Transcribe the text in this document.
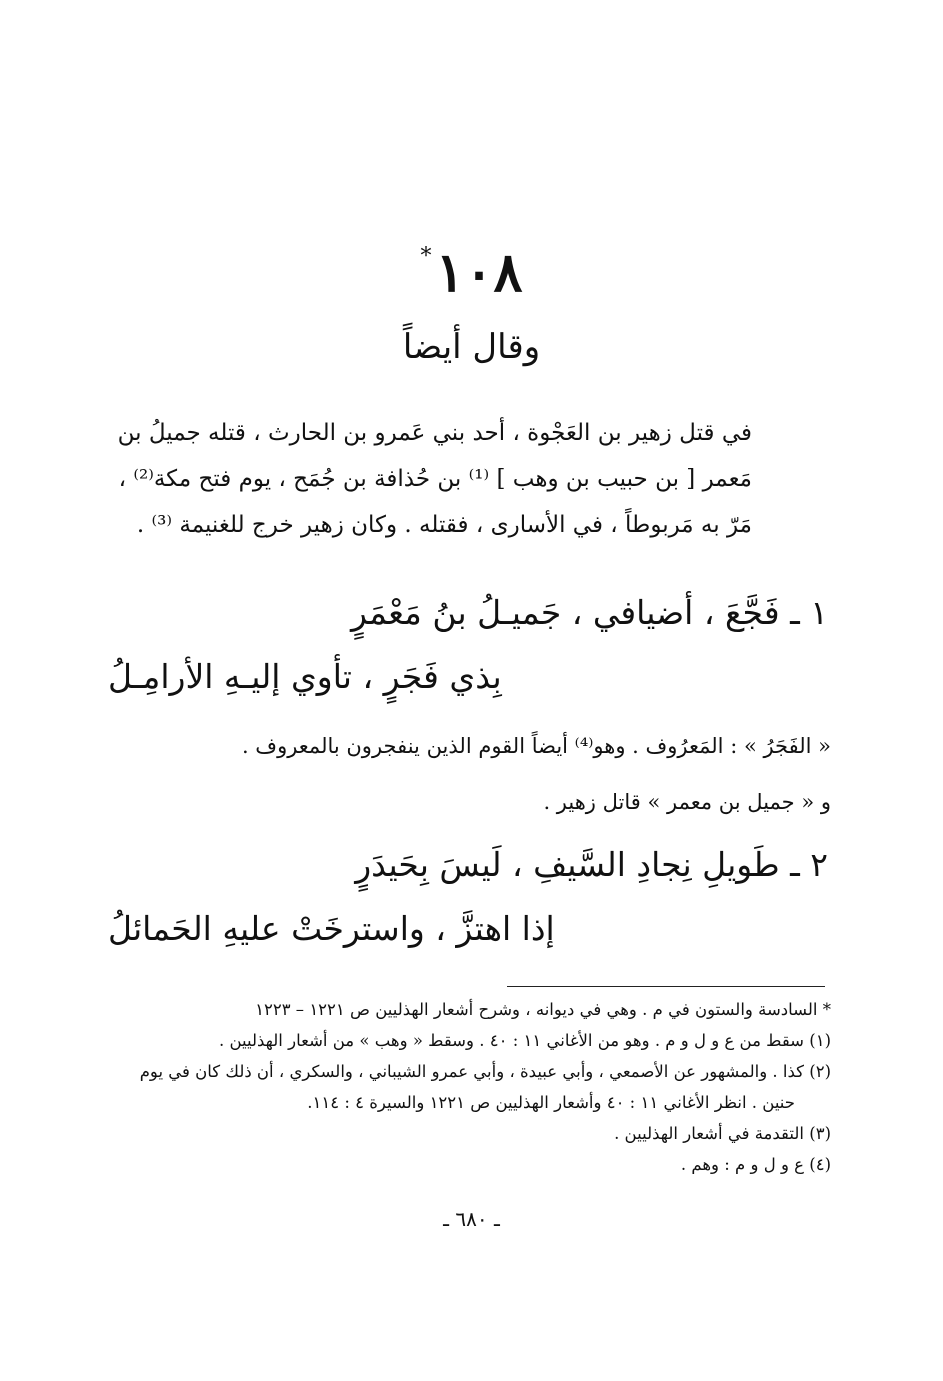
١٠٨*
وقال أيضاً
في قتل زهير بن العَجْوة ، أحد بني عَمرو بن الحارث ، قتله جميلُ بن
مَعمر [ بن حبيب بن وهب ] ⁽¹⁾ بن حُذافة بن جُمَح ، يوم فتح مكة⁽²⁾ ،
مَرّ به مَربوطاً ، في الأسارى ، فقتله . وكان زهير خرج للغنيمة ⁽³⁾ .
١ ـ فَجَّعَ ، أضيافي ، جَميـلُ بنُ مَعْمَرٍ
بِذي فَجَرٍ ، تأوي إليـهِ الأرامِـلُ
« الفَجَرُ » : المَعرُوف . وهو⁽⁴⁾ أيضاً القوم الذين ينفجرون بالمعروف .
و « جميل بن معمر » قاتل زهير .
٢ ـ طَويلِ نِجادِ السَّيفِ ، لَيسَ بِحَيدَرٍ
إذا اهتزَّ ، واسترخَتْ عليهِ الحَمائلُ

* السادسة والستون في م . وهي في ديوانه ، وشرح أشعار الهذليين ص ١٢٢١ – ١٢٢٣

(١) سقط من ع و ل و م . وهو من الأغاني ١١ : ٤٠ . وسقط « وهب » من أشعار الهذليين .

(٢) كذا . والمشهور عن الأصمعي ، وأبي عبيدة ، وأبي عمرو الشيباني ، والسكري ، أن ذلك كان في يوم

حنين . انظر الأغاني ١١ : ٤٠ وأشعار الهذليين ص ١٢٢١ والسيرة ٤ : ١١٤.

(٣) التقدمة في أشعار الهذليين .

(٤) ع و ل و م : وهم .

ـ ٦٨٠ ـ
